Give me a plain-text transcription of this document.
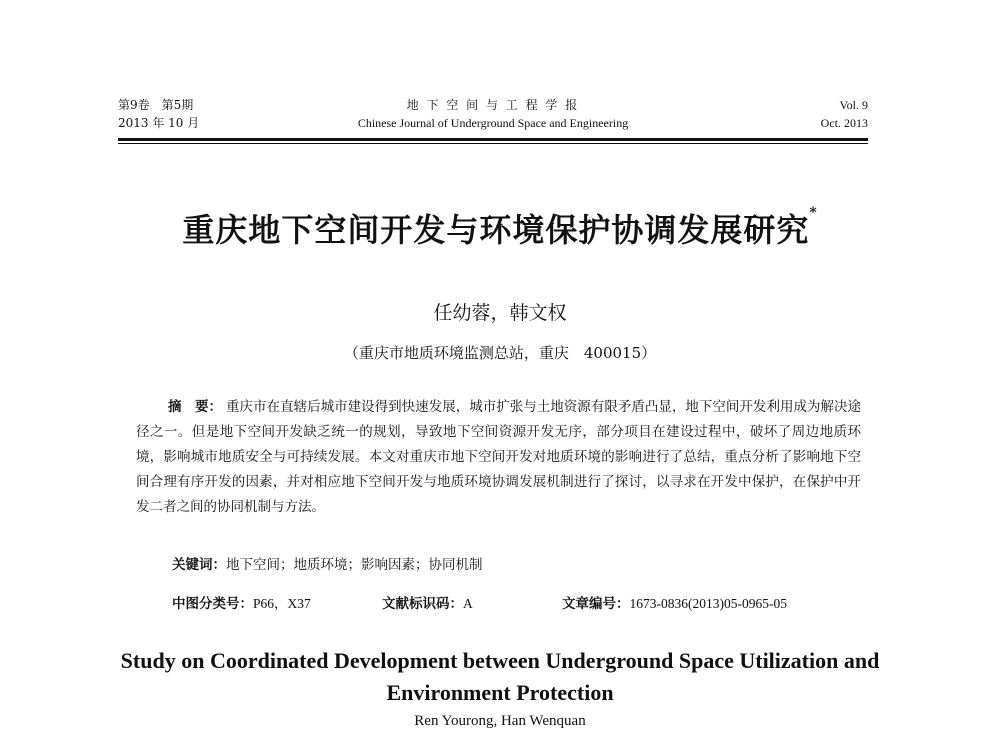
第9卷　第5期
2013 年 10 月
地 下 空 间 与 工 程 学 报
Chinese Journal of Underground Space and Engineering
Vol. 9
Oct. 2013
重庆地下空间开发与环境保护协调发展研究*
任幼蓉，韩文权
（重庆市地质环境监测总站，重庆　400015）
摘　要： 重庆市在直辖后城市建设得到快速发展，城市扩张与土地资源有限矛盾凸显，地下空间开发利用成为解决途径之一。但是地下空间开发缺乏统一的规划，导致地下空间资源开发无序，部分项目在建设过程中，破坏了周边地质环境，影响城市地质安全与可持续发展。本文对重庆市地下空间开发对地质环境的影响进行了总结，重点分析了影响地下空间合理有序开发的因素，并对相应地下空间开发与地质环境协调发展机制进行了探讨，以寻求在开发中保护，在保护中开发二者之间的协同机制与方法。
关键词：地下空间；地质环境；影响因素；协同机制
中图分类号：P66，X37	文献标识码：A	文章编号：1673-0836(2013)05-0965-05
Study on Coordinated Development between Underground Space Utilization and Environment Protection
Ren Yourong, Han Wenquan
